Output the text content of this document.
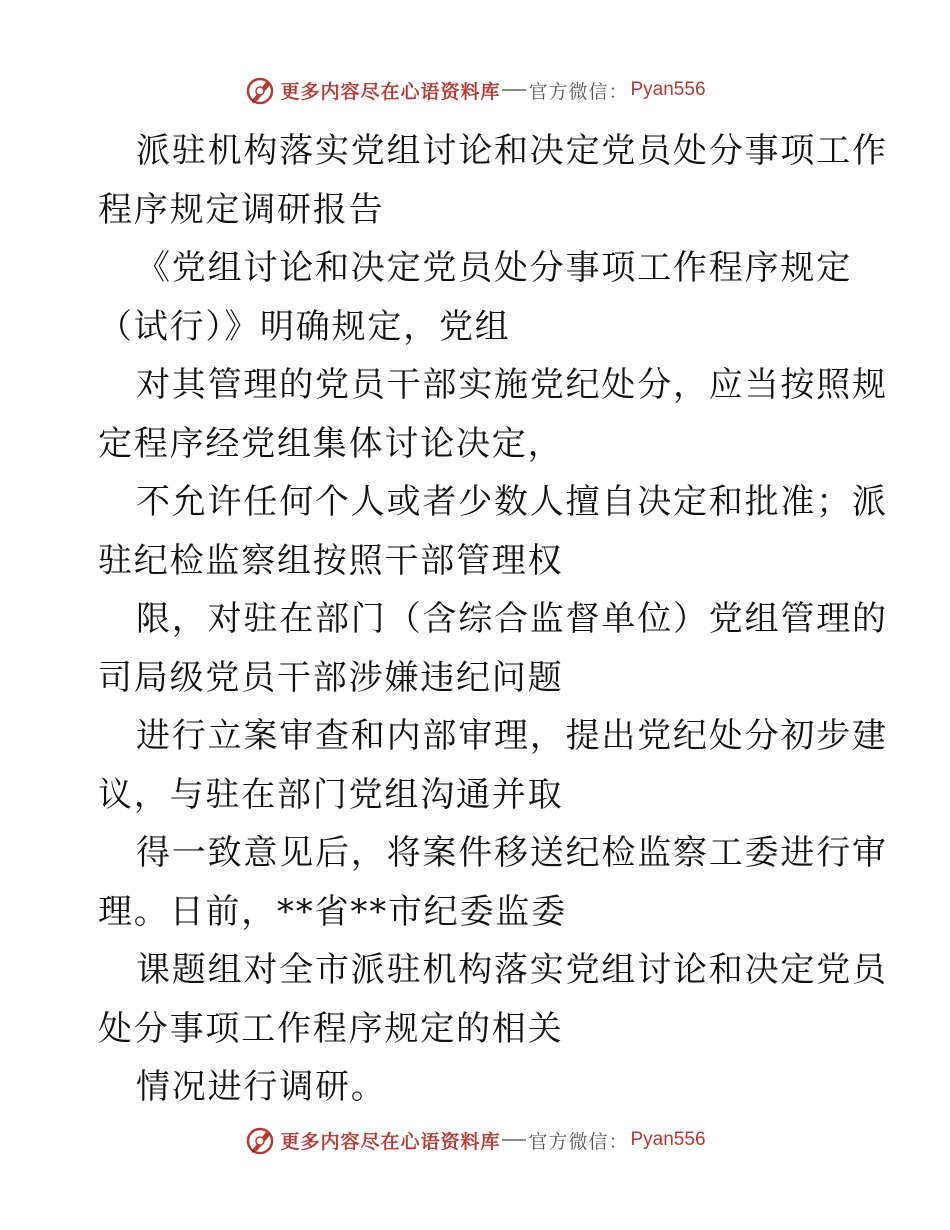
更多内容尽在心语资料库 官方微信： Pyan556
派驻机构落实党组讨论和决定党员处分事项工作
程序规定调研报告
《党组讨论和决定党员处分事项工作程序规定
（试行）》明确规定，党组
对其管理的党员干部实施党纪处分，应当按照规
定程序经党组集体讨论决定，
不允许任何个人或者少数人擅自决定和批准；派
驻纪检监察组按照干部管理权
限，对驻在部门（含综合监督单位）党组管理的
司局级党员干部涉嫌违纪问题
进行立案审查和内部审理，提出党纪处分初步建
议，与驻在部门党组沟通并取
得一致意见后，将案件移送纪检监察工委进行审
理。日前，**省**市纪委监委
课题组对全市派驻机构落实党组讨论和决定党员
处分事项工作程序规定的相关
情况进行调研。
更多内容尽在心语资料库 官方微信： Pyan556
